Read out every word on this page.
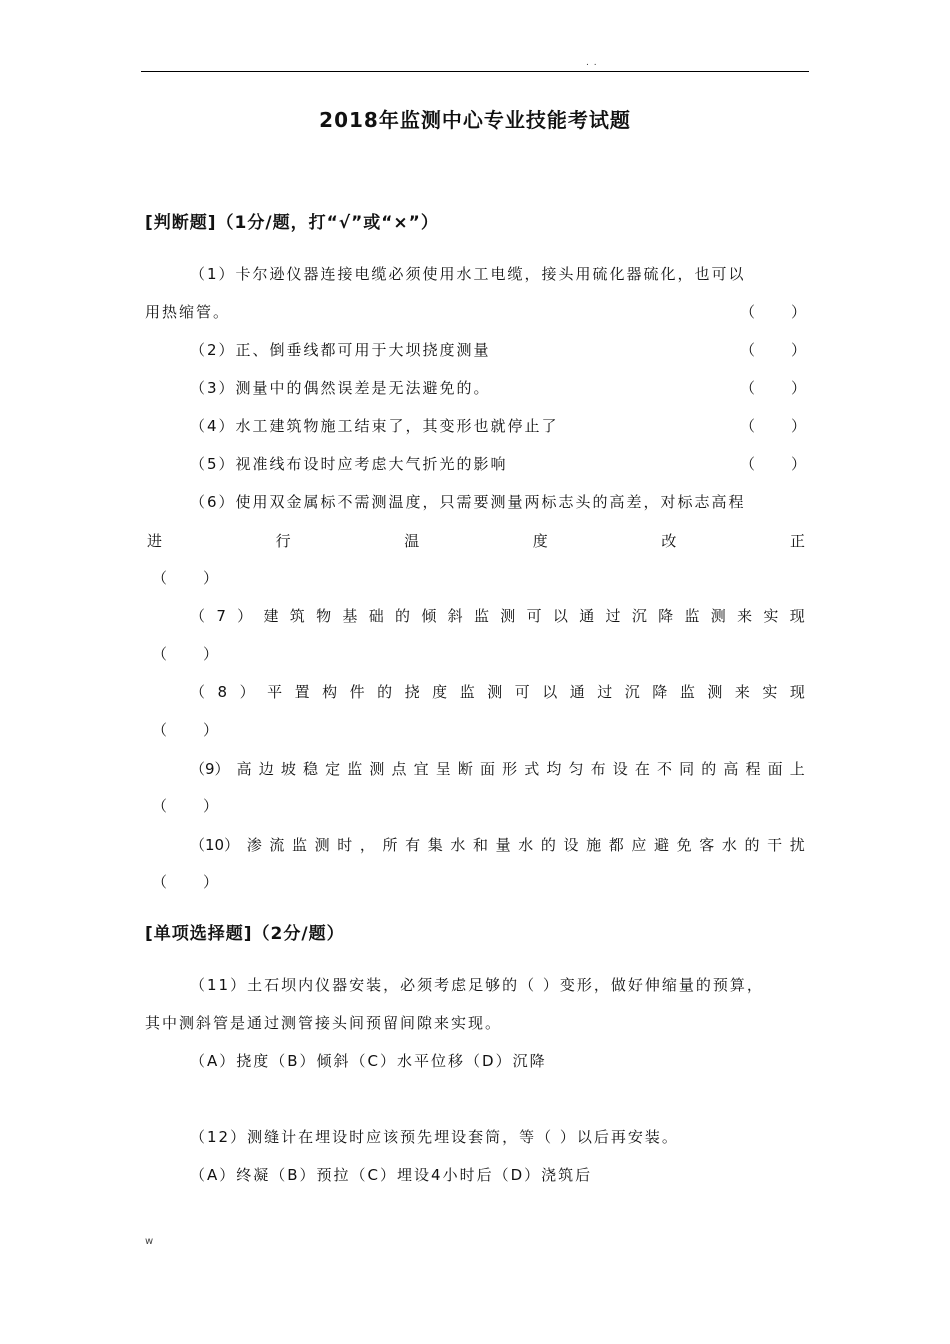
. .
2018年监测中心专业技能考试题
[判断题]（1分/题，打“√”或“×”）
（1）卡尔逊仪器连接电缆必须使用水工电缆，接头用硫化器硫化，也可以
用热缩管。	（ ）
（2）正、倒垂线都可用于大坝挠度测量	（ ）
（3）测量中的偶然误差是无法避免的。	（ ）
（4）水工建筑物施工结束了，其变形也就停止了	（ ）
（5）视准线布设时应考虑大气折光的影响	（ ）
（6）使用双金属标不需测温度，只需要测量两标志头的高差，对标志高程
进	行	温	度	改	正
（ ）
（ 7 ） 建 筑 物 基 础 的 倾 斜 监 测 可 以 通 过 沉 降 监 测 来 实 现
（ ）
（ 8 ） 平 置 构 件 的 挠 度 监 测 可 以 通 过 沉 降 监 测 来 实 现
（ ）
（9） 高 边 坡 稳 定 监 测 点 宜 呈 断 面 形 式 均 匀 布 设 在 不 同 的 高 程 面 上
（ ）
（10） 渗 流 监 测 时 ， 所 有 集 水 和 量 水 的 设 施 都 应 避 免 客 水 的 干 扰
（ ）
[单项选择题]（2分/题）
（11）土石坝内仪器安装，必须考虑足够的（ ）变形，做好伸缩量的预算，
其中测斜管是通过测管接头间预留间隙来实现。
（A）挠度（B）倾斜（C）水平位移（D）沉降
（12）测缝计在埋设时应该预先埋设套筒，等（ ）以后再安装。
（A）终凝（B）预拉（C）埋设4小时后（D）浇筑后
w
